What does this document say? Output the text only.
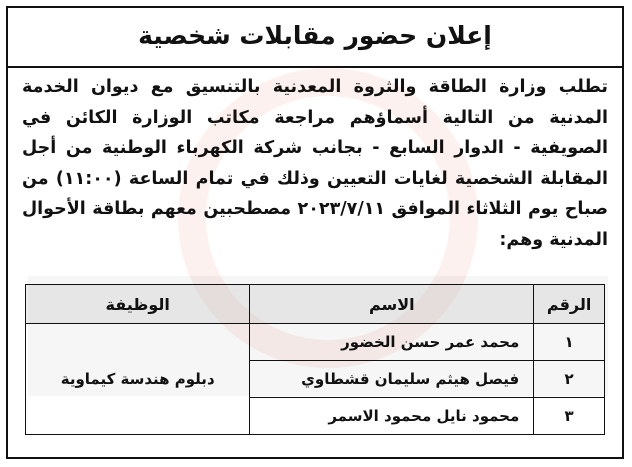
إعلان حضور مقابلات شخصية

تطلب وزارة الطاقة والثروة المعدنية بالتنسيق مع ديوان الخدمة المدنية من التالية أسماؤهم مراجعة مكاتب الوزارة الكائن في الصويفية - الدوار السابع - بجانب شركة الكهرباء الوطنية من أجل المقابلة الشخصية لغايات التعيين وذلك في تمام الساعة (١١:٠٠) من صباح يوم الثلاثاء الموافق ٢٠٢٣/٧/١١ مصطحبين معهم بطاقة الأحوال المدنية وهم:

الرقم	الاسم	الوظيفة
١	محمد عمر حسن الخضور	دبلوم هندسة كيماوية
٢	فيصل هيثم سليمان قشطاوي	
٣	محمود نايل محمود الاسمر	
